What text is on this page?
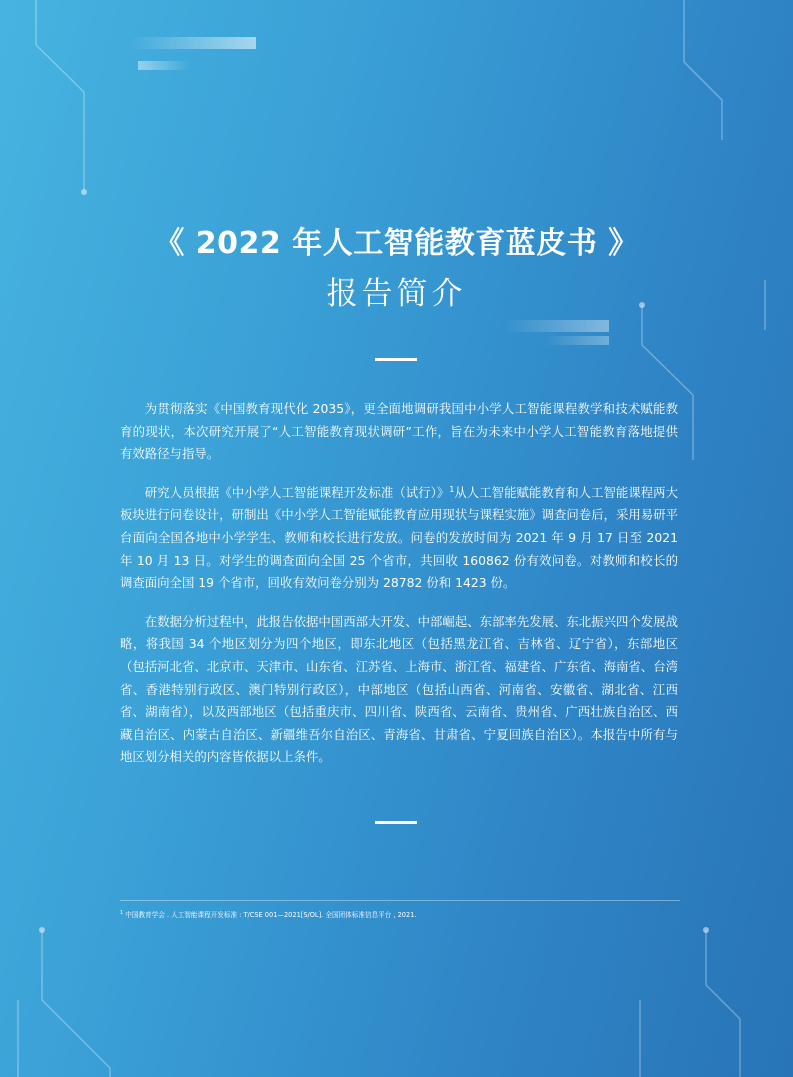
《 2022 年人工智能教育蓝皮书 》
报告简介

为贯彻落实《中国教育现代化 2035》，更全面地调研我国中小学人工智能课程教学和技术赋能教育的现状，本次研究开展了“人工智能教育现状调研”工作，旨在为未来中小学人工智能教育落地提供有效路径与指导。

研究人员根据《中小学人工智能课程开发标准（试行）》$^1$从人工智能赋能教育和人工智能课程两大板块进行问卷设计，研制出《中小学人工智能赋能教育应用现状与课程实施》调查问卷后，采用易研平台面向全国各地中小学学生、教师和校长进行发放。问卷的发放时间为 2021 年 9 月 17 日至 2021 年 10 月 13 日。对学生的调查面向全国 25 个省市，共回收 160862 份有效问卷。对教师和校长的调查面向全国 19 个省市，回收有效问卷分别为 28782 份和 1423 份。

在数据分析过程中，此报告依据中国西部大开发、中部崛起、东部率先发展、东北振兴四个发展战略，将我国 34 个地区划分为四个地区，即东北地区（包括黑龙江省、吉林省、辽宁省），东部地区（包括河北省、北京市、天津市、山东省、江苏省、上海市、浙江省、福建省、广东省、海南省、台湾省、香港特别行政区、澳门特别行政区），中部地区（包括山西省、河南省、安徽省、湖北省、江西省、湖南省），以及西部地区（包括重庆市、四川省、陕西省、云南省、贵州省、广西壮族自治区、西藏自治区、内蒙古自治区、新疆维吾尔自治区、青海省、甘肃省、宁夏回族自治区）。本报告中所有与地区划分相关的内容皆依据以上条件。

$^1$ 中国教育学会 . 人工智能课程开发标准 : T/CSE 001—2021[S/OL]. 全国团体标准信息平台 , 2021.
